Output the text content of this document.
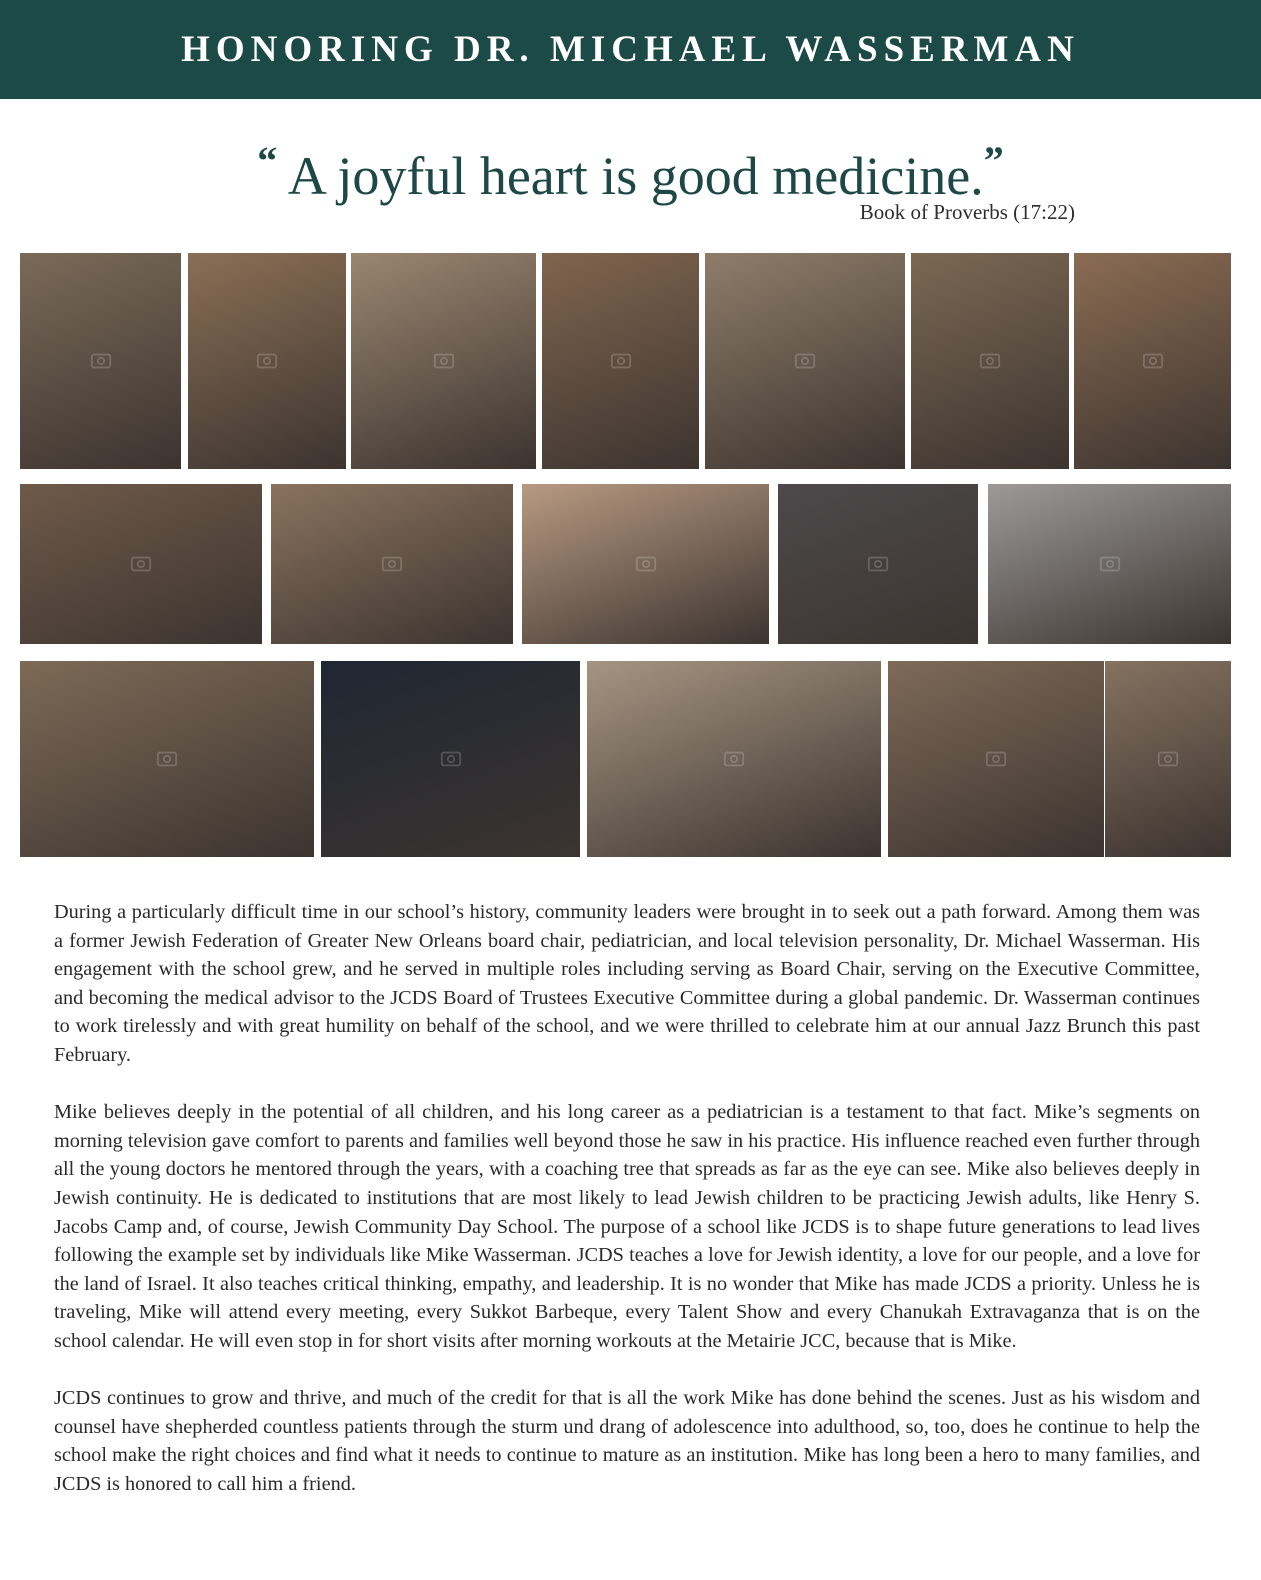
HONORING DR. MICHAEL WASSERMAN
“ A joyful heart is good medicine.”
Book of Proverbs (17:22)

During a particularly difficult time in our school’s history, community leaders were brought in to seek out a path forward. Among them was a former Jewish Federation of Greater New Orleans board chair, pediatrician, and local television personality, Dr. Michael Wasserman. His engagement with the school grew, and he served in multiple roles including serving as Board Chair, serving on the Executive Committee, and becoming the medical advisor to the JCDS Board of Trustees Executive Committee during a global pandemic. Dr. Wasserman continues to work tirelessly and with great humility on behalf of the school, and we were thrilled to celebrate him at our annual Jazz Brunch this past February.

Mike believes deeply in the potential of all children, and his long career as a pediatrician is a testament to that fact. Mike’s segments on morning television gave comfort to parents and families well beyond those he saw in his practice. His influence reached even further through all the young doctors he mentored through the years, with a coaching tree that spreads as far as the eye can see. Mike also believes deeply in Jewish continuity. He is dedicated to institutions that are most likely to lead Jewish children to be practicing Jewish adults, like Henry S. Jacobs Camp and, of course, Jewish Community Day School. The purpose of a school like JCDS is to shape future generations to lead lives following the example set by individuals like Mike Wasserman. JCDS teaches a love for Jewish identity, a love for our people, and a love for the land of Israel. It also teaches critical thinking, empathy, and leadership. It is no wonder that Mike has made JCDS a priority. Unless he is traveling, Mike will attend every meeting, every Sukkot Barbeque, every Talent Show and every Chanukah Extravaganza that is on the school calendar. He will even stop in for short visits after morning workouts at the Metairie JCC, because that is Mike.

JCDS continues to grow and thrive, and much of the credit for that is all the work Mike has done behind the scenes. Just as his wisdom and counsel have shepherded countless patients through the sturm und drang of adolescence into adulthood, so, too, does he continue to help the school make the right choices and find what it needs to continue to mature as an institution. Mike has long been a hero to many families, and JCDS is honored to call him a friend.
